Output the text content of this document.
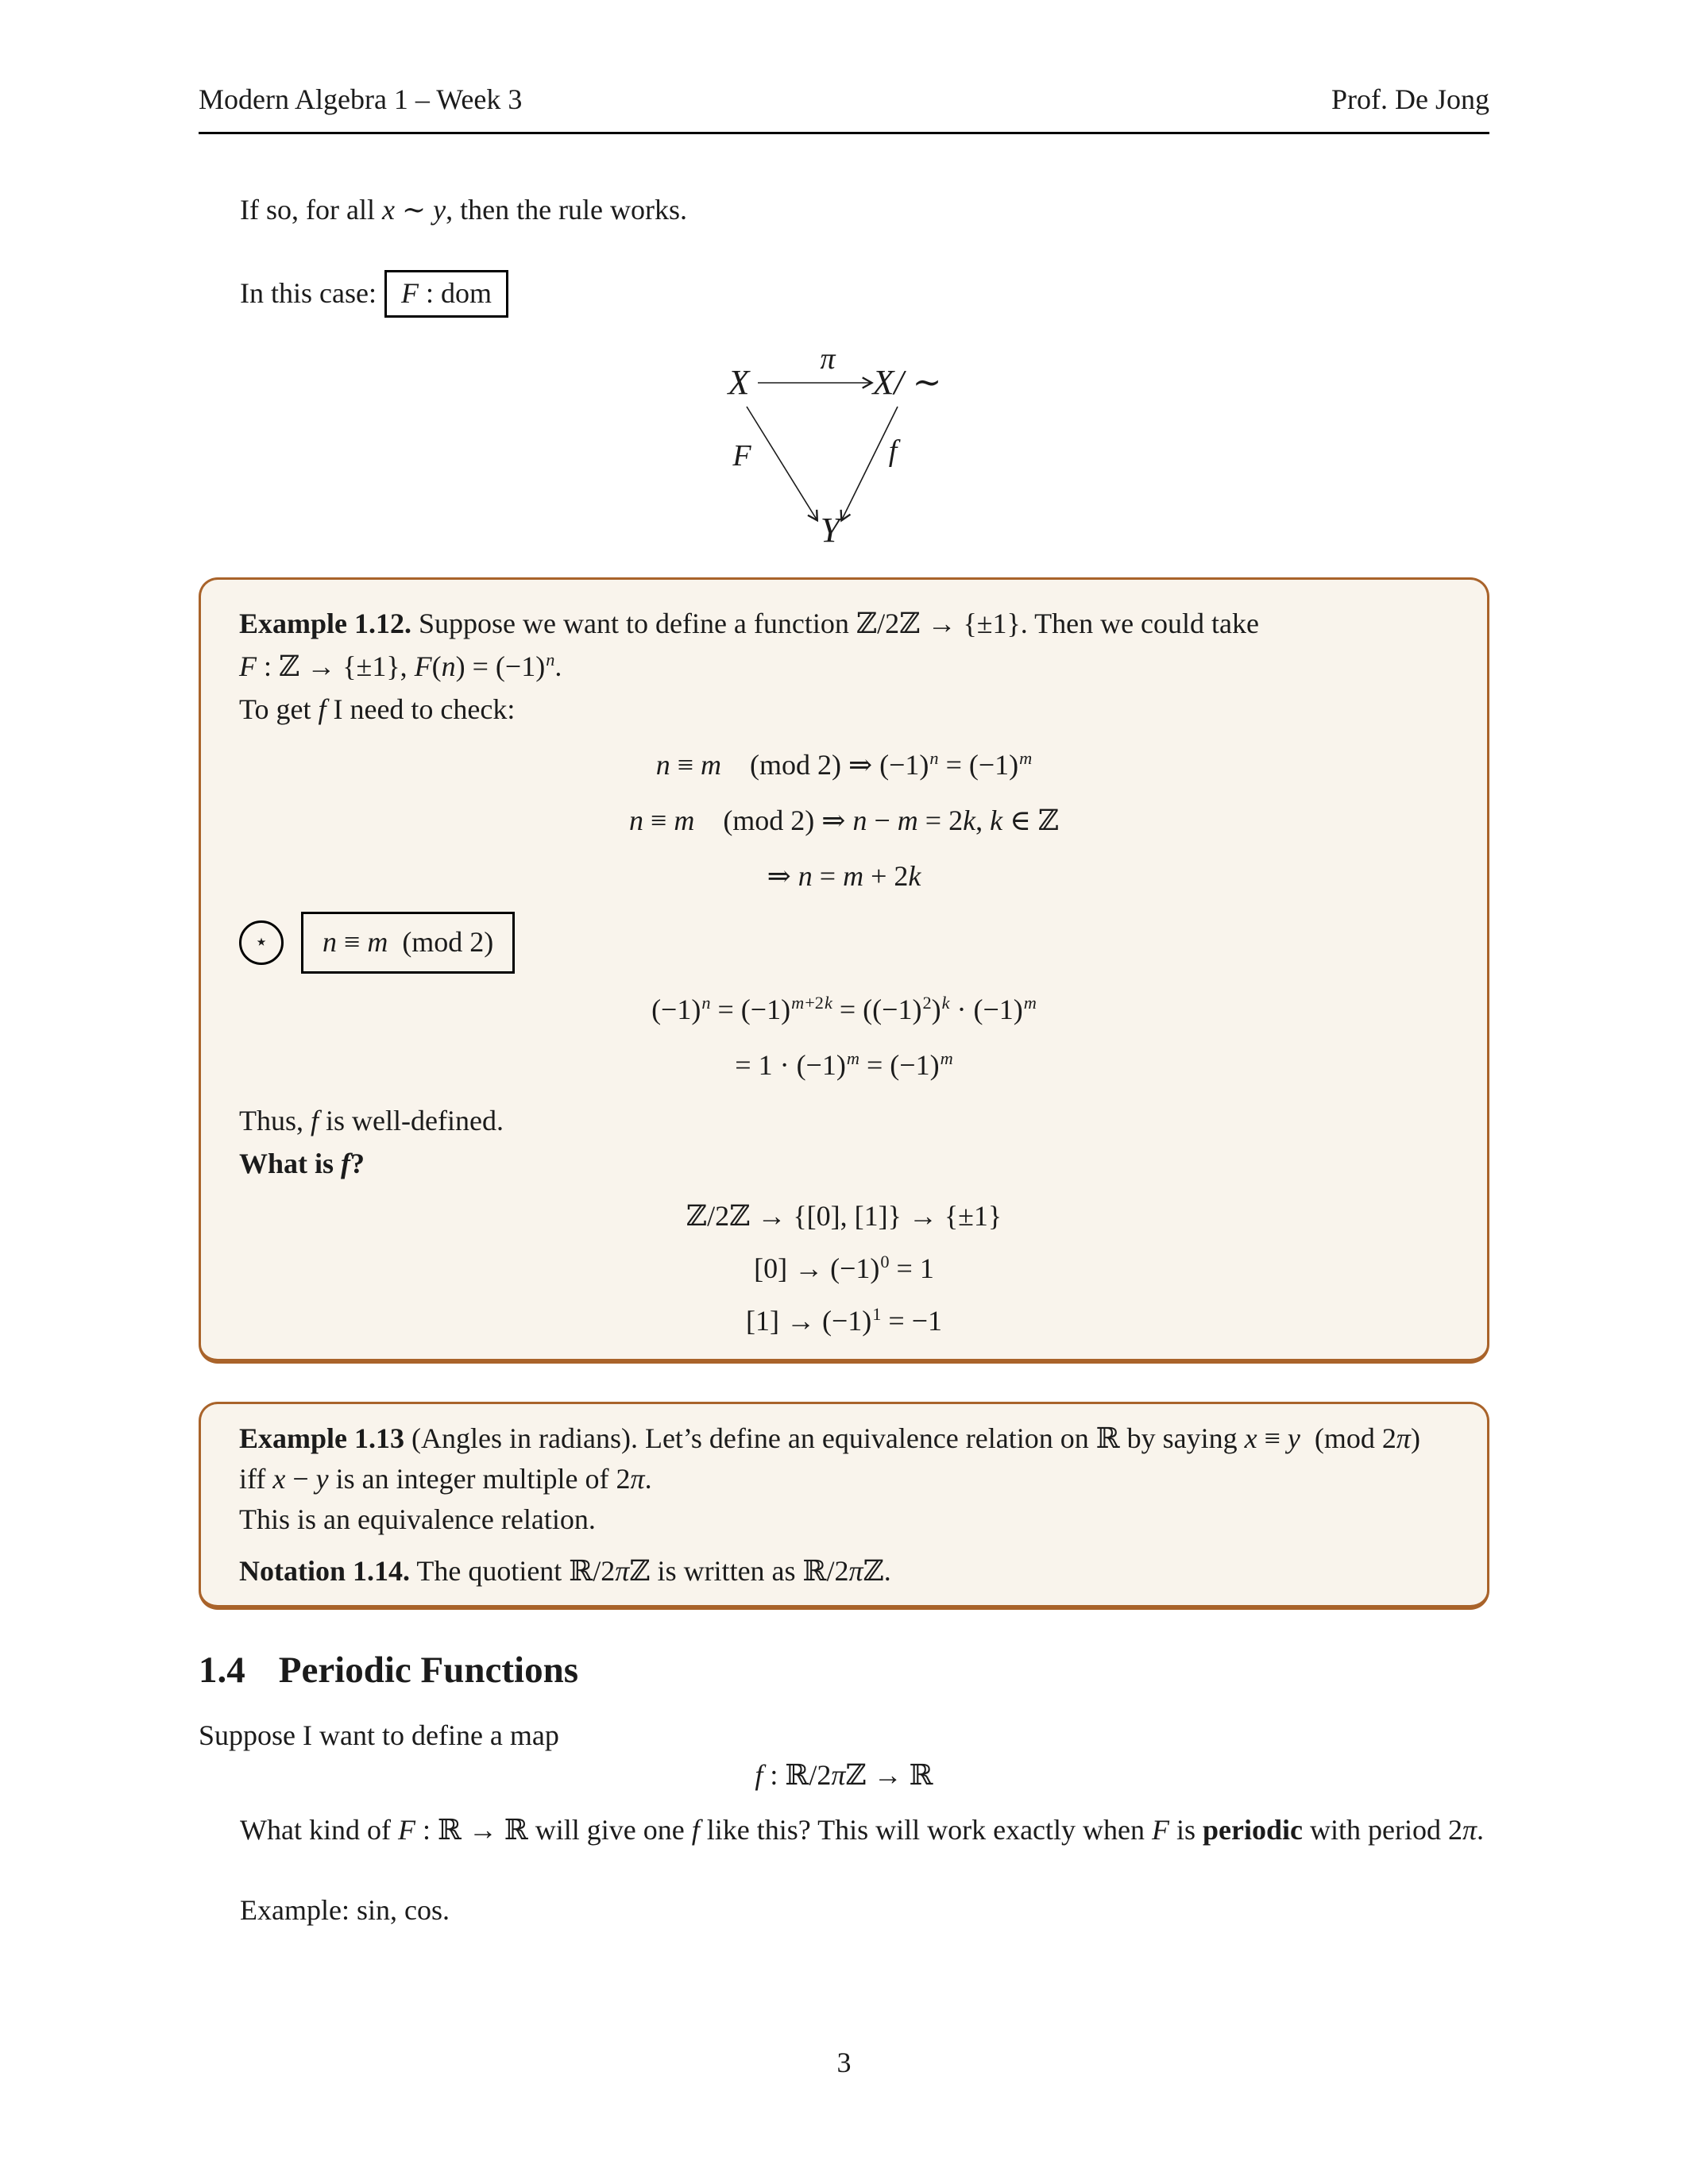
Modern Algebra 1 – Week 3	Prof. De Jong
If so, for all x ∼ y, then the rule works.
In this case: F : dom
X	X/ ∼
Y
π
F	f
Example 1.12. Suppose we want to define a function ℤ/2ℤ → {±1}. Then we could take
F : ℤ → {±1}, $F(n) = (-1)^n$.
To get f I need to check:
n ≡ m (mod 2) ⇒ $(-1)^n = (-1)^m$
n ≡ m (mod 2) ⇒ n − m = 2k, k ∈ ℤ
⇒ n = m + 2k
⋆	n ≡ m (mod 2)
$(-1)^n = (-1)^{m+2k} = ((-1)^2)^k \cdot (-1)^m$
= $1 \cdot (-1)^m = (-1)^m$
Thus, f is well-defined.
What is f?
ℤ/2ℤ → {[0], [1]} → {±1}
$[0] \to (-1)^0 = 1$
$[1] \to (-1)^1 = -1$
Example 1.13 (Angles in radians). Let’s define an equivalence relation on ℝ by saying x ≡ y (mod 2π) iff x − y is an integer multiple of 2π.
This is an equivalence relation.
Notation 1.14. The quotient ℝ/2πℤ is written as ℝ/2πℤ.
1.4 Periodic Functions
Suppose I want to define a map
f : ℝ/2πℤ → ℝ
What kind of F : ℝ → ℝ will give one f like this? This will work exactly when F is periodic with period 2π.
Example: sin, cos.
3
